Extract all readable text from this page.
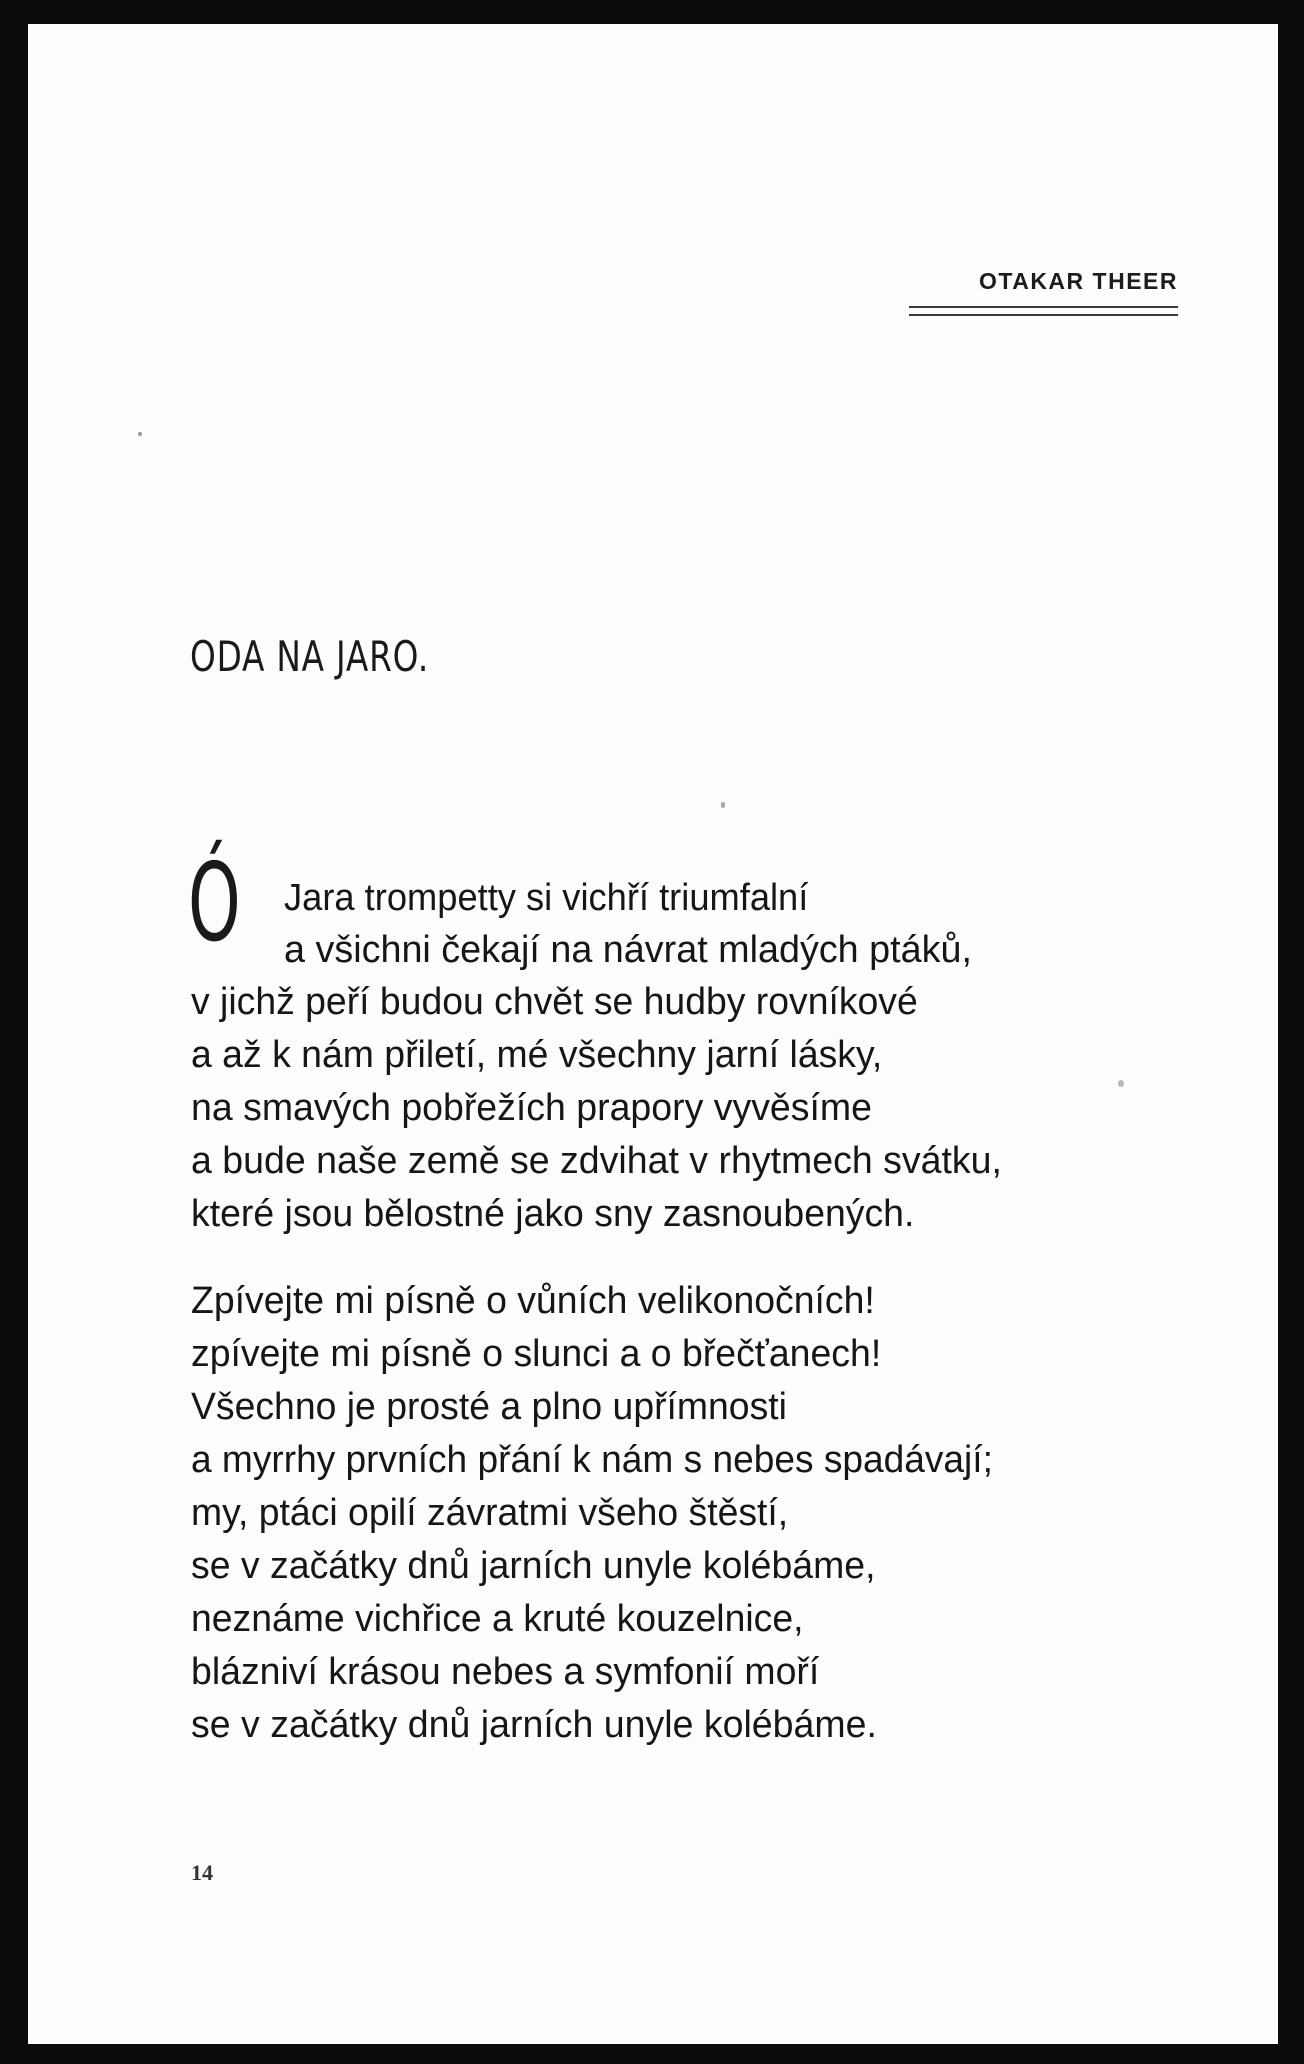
OTAKAR THEER
ODA NA JARO.
Ó Jara trompetty si vichří triumfalní
a všichni čekají na návrat mladých ptáků,
v jichž peří budou chvět se hudby rovníkové
a až k nám přiletí, mé všechny jarní lásky,
na smavých pobřežích prapory vyvěsíme
a bude naše země se zdvihat v rhytmech svátku,
které jsou bělostné jako sny zasnoubených.
Zpívejte mi písně o vůních velikonočních!
zpívejte mi písně o slunci a o břečťanech!
Všechno je prosté a plno upřímnosti
a myrrhy prvních přání k nám s nebes spadávají;
my, ptáci opilí závratmi všeho štěstí,
se v začátky dnů jarních unyle kolébáme,
neznáme vichřice a kruté kouzelnice,
blázniví krásou nebes a symfonií moří
se v začátky dnů jarních unyle kolébáme.
14
